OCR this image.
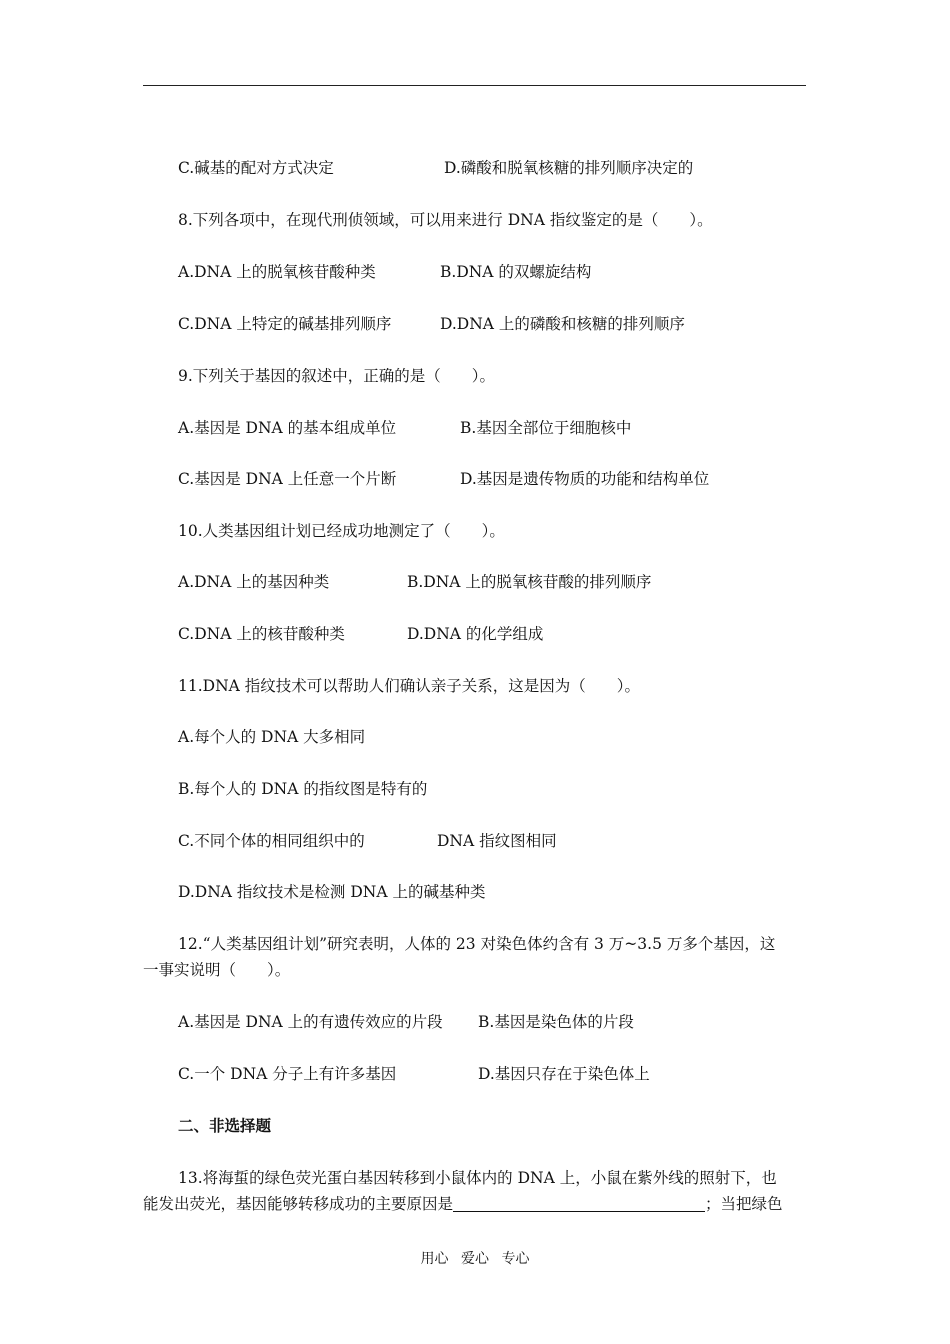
C.碱基的配对方式决定	D.磷酸和脱氧核糖的排列顺序决定的
8.下列各项中，在现代刑侦领域，可以用来进行 DNA 指纹鉴定的是（　　）。
A.DNA 上的脱氧核苷酸种类	B.DNA 的双螺旋结构
C.DNA 上特定的碱基排列顺序	D.DNA 上的磷酸和核糖的排列顺序
9.下列关于基因的叙述中，正确的是（　　）。
A.基因是 DNA 的基本组成单位	B.基因全部位于细胞核中
C.基因是 DNA 上任意一个片断	D.基因是遗传物质的功能和结构单位
10.人类基因组计划已经成功地测定了（　　）。
A.DNA 上的基因种类	B.DNA 上的脱氧核苷酸的排列顺序
C.DNA 上的核苷酸种类	D.DNA 的化学组成
11.DNA 指纹技术可以帮助人们确认亲子关系，这是因为（　　）。
A.每个人的 DNA 大多相同
B.每个人的 DNA 的指纹图是特有的
C.不同个体的相同组织中的	DNA 指纹图相同
D.DNA 指纹技术是检测 DNA 上的碱基种类
12.“人类基因组计划”研究表明，人体的 23 对染色体约含有 3 万~3.5 万多个基因，这
一事实说明（　　）。
A.基因是 DNA 上的有遗传效应的片段 B.基因是染色体的片段
C.一个 DNA 分子上有许多基因	D.基因只存在于染色体上
二、非选择题
13.将海蜇的绿色荧光蛋白基因转移到小鼠体内的 DNA 上，小鼠在紫外线的照射下，也
能发出荧光，基因能够转移成功的主要原因是	；当把绿色
用心 爱心 专心
